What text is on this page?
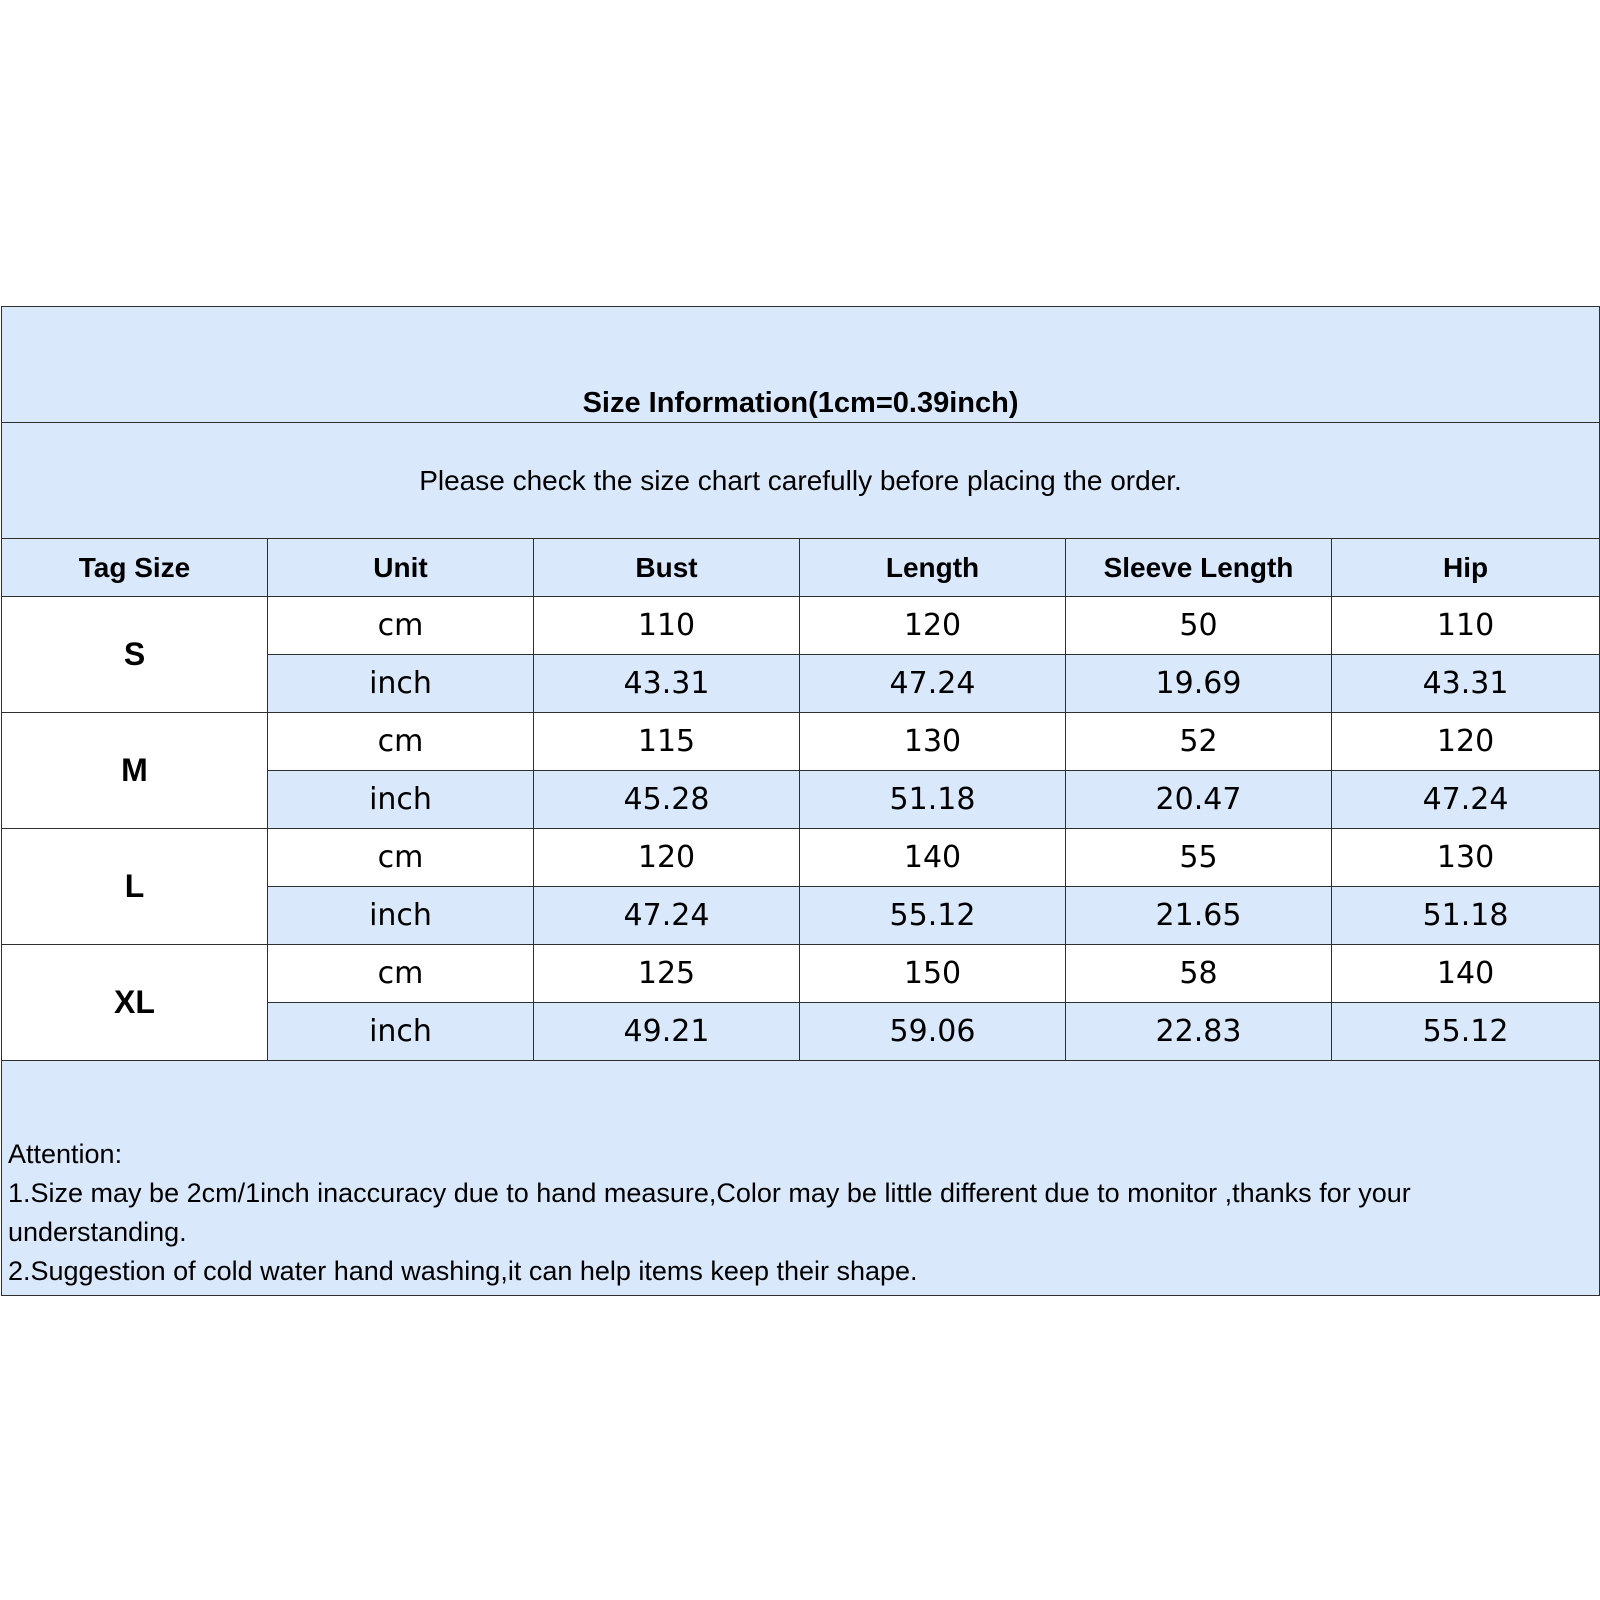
Size Information(1cm=0.39inch)					
Please check the size chart carefully before placing the order.					
Tag Size	Unit	Bust	Length	Sleeve Length	Hip
S	cm	110	120	50	110
	inch	43.31	47.24	19.69	43.31
M	cm	115	130	52	120
	inch	45.28	51.18	20.47	47.24
L	cm	120	140	55	130
	inch	47.24	55.12	21.65	51.18
XL	cm	125	150	58	140
	inch	49.21	59.06	22.83	55.12

Attention:
1.Size may be 2cm/1inch inaccuracy due to hand measure,Color may be little different due to monitor ,thanks for your understanding.
2.Suggestion of cold water hand washing,it can help items keep their shape.					
